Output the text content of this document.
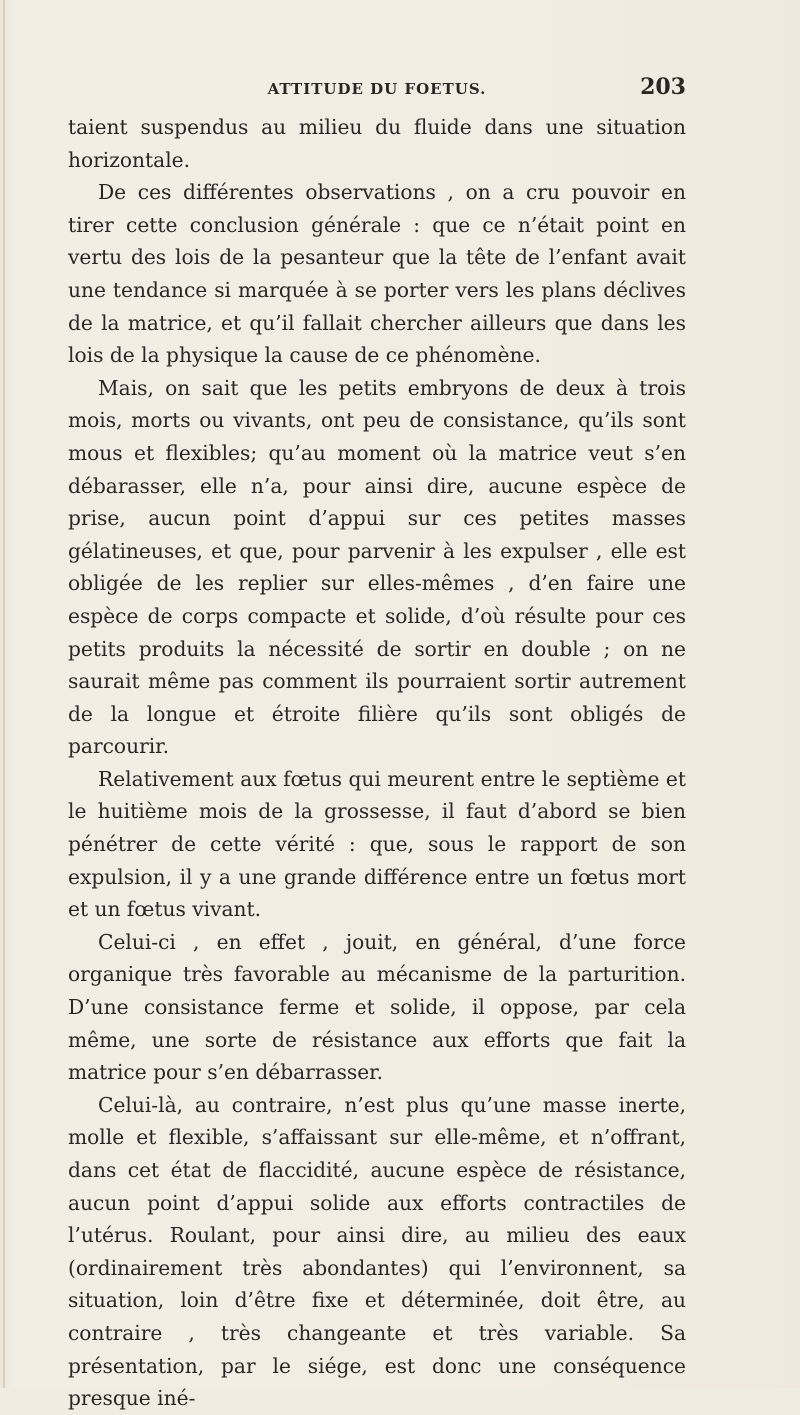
ATTITUDE DU FOETUS.	203

taient suspendus au milieu du fluide dans une situation horizontale.

De ces différentes observations , on a cru pouvoir en tirer cette conclusion générale : que ce n’était point en vertu des lois de la pesanteur que la tête de l’enfant avait une tendance si marquée à se porter vers les plans déclives de la matrice, et qu’il fallait chercher ailleurs que dans les lois de la physique la cause de ce phénomène.

Mais, on sait que les petits embryons de deux à trois mois, morts ou vivants, ont peu de consistance, qu’ils sont mous et flexibles; qu’au moment où la matrice veut s’en débarasser, elle n’a, pour ainsi dire, aucune espèce de prise, aucun point d’appui sur ces petites masses gélatineuses, et que, pour parvenir à les expulser , elle est obligée de les replier sur elles-mêmes , d’en faire une espèce de corps compacte et solide, d’où résulte pour ces petits produits la nécessité de sortir en double ; on ne saurait même pas comment ils pourraient sortir autrement de la longue et étroite filière qu’ils sont obligés de parcourir.

Relativement aux fœtus qui meurent entre le septième et le huitième mois de la grossesse, il faut d’abord se bien pénétrer de cette vérité : que, sous le rapport de son expulsion, il y a une grande différence entre un fœtus mort et un fœtus vivant.

Celui-ci , en effet , jouit, en général, d’une force organique très favorable au mécanisme de la parturition. D’une consistance ferme et solide, il oppose, par cela même, une sorte de résistance aux efforts que fait la matrice pour s’en débarrasser.

Celui-là, au contraire, n’est plus qu’une masse inerte, molle et flexible, s’affaissant sur elle-même, et n’offrant, dans cet état de flaccidité, aucune espèce de résistance, aucun point d’appui solide aux efforts contractiles de l’utérus. Roulant, pour ainsi dire, au milieu des eaux (ordinairement très abondantes) qui l’environnent, sa situation, loin d’être fixe et déterminée, doit être, au contraire , très changeante et très variable. Sa présentation, par le siége, est donc une conséquence presque iné-
